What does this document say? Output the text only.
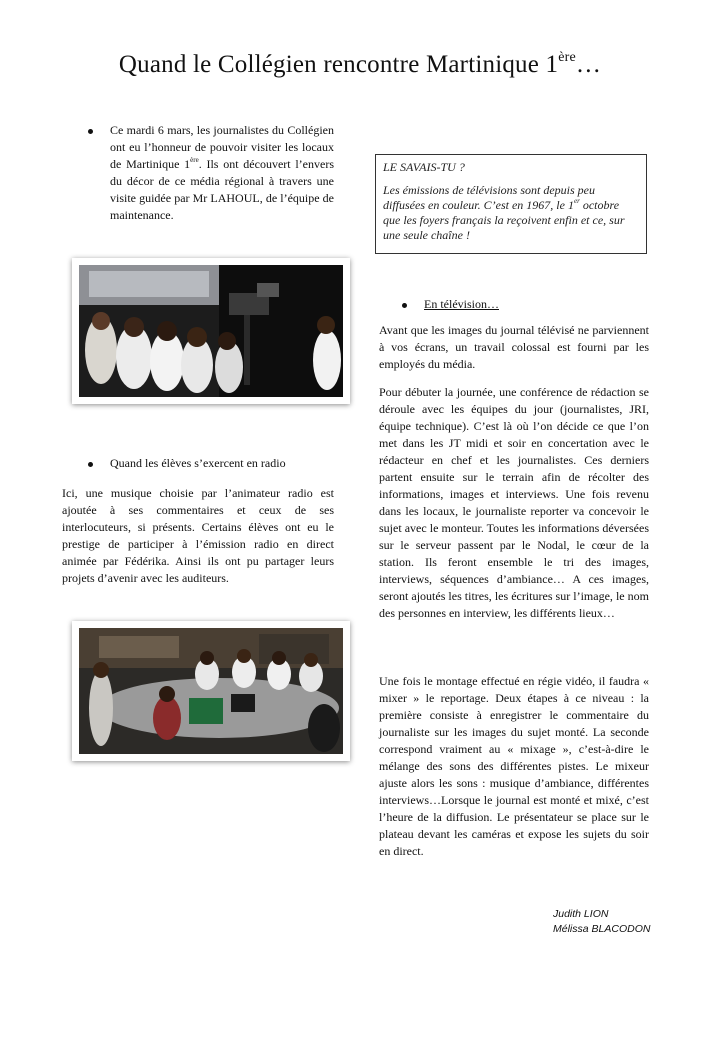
Quand le Collégien rencontre Martinique 1ère…
Ce mardi 6 mars, les journalistes du Collégien ont eu l’honneur de pouvoir visiter les locaux de Martinique 1ère. Ils ont découvert l’envers du décor de ce média régional à travers une visite guidée par Mr LAHOUL, de l’équipe de maintenance.
LE SAVAIS-TU ?
Les émissions de télévisions sont depuis peu diffusées en couleur. C’est en 1967, le 1er octobre que les foyers français la reçoivent enfin et ce, sur une seule chaîne !
Quand les élèves s’exercent en radio
Ici, une musique choisie par l’animateur radio est ajoutée à ses commentaires et ceux de ses interlocuteurs, si présents. Certains élèves ont eu le prestige de participer à l’émission radio en direct animée par Fédérika. Ainsi ils ont pu partager leurs projets d’avenir avec les auditeurs.
En télévision…
Avant que les images du journal télévisé ne parviennent à vos écrans, un travail colossal est fourni par les employés du média.
Pour débuter la journée, une conférence de rédaction se déroule avec les équipes du jour (journalistes, JRI, équipe technique). C’est là où l’on décide ce que l’on met dans les JT midi et soir en concertation avec le rédacteur en chef et les journalistes. Ces derniers partent ensuite sur le terrain afin de récolter des informations, images et interviews. Une fois revenu dans les locaux, le journaliste reporter va concevoir le sujet avec le monteur. Toutes les informations déversées sur le serveur passent par le Nodal, le cœur de la station. Ils feront ensemble le tri des images, interviews, séquences d’ambiance… A ces images, seront ajoutés les titres, les écritures sur l’image, le nom des personnes en interview, les différents lieux…
Une fois le montage effectué en régie vidéo, il faudra « mixer » le reportage. Deux étapes à ce niveau : la première consiste à enregistrer le commentaire du journaliste sur les images du sujet monté. La seconde correspond vraiment au « mixage », c’est-à-dire le mélange des sons des différentes pistes. Le mixeur ajuste alors les sons : musique d’ambiance, différentes interviews…Lorsque le journal est monté et mixé, c’est l’heure de la diffusion. Le présentateur se place sur le plateau devant les caméras et expose les sujets du soir en direct.
Judith LION
Mélissa BLACODON
